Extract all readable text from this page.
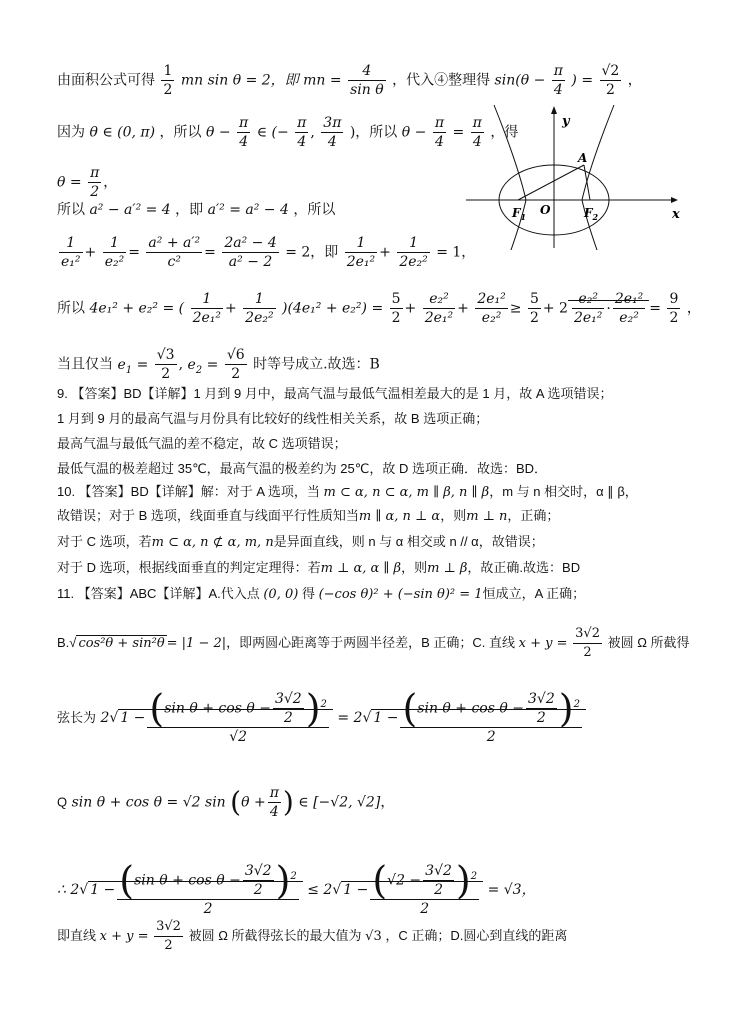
由面积公式可得 $\frac{1}{2}$ mn sin θ = 2，即 mn = $\frac{4}{\text{sin θ}}$ ，代入④整理得 $\sin(\theta - \frac{\pi}{4}$ ) = $\frac{√2}{2}$ ，
因为 θ ∈ (0, π) ，所以 $\theta - \frac{\pi}{4}$ ∈ (− $\frac{\pi}{4}$ , $\frac{3\pi}{4}$ )，所以 $\theta - \frac{\pi}{4} = \frac{\pi}{4}$ ，得
$\theta = \frac{\pi}{2}$ ，
所以 a² − a′² = 4 ，即 a′² = a² − 4 ，所以
$\frac{1}{\text{e₁²}} + \frac{1}{\text{e₂²}} = \frac{\text{a² + a′²}}{\text{c²}} = \frac{\text{2a² − 4}}{\text{a² − 2}} = 2$，即 $\frac{1}{\text{2e₁²}} + \frac{1}{\text{2e₂²}} = 1$，
所以 4e₁² + e₂² = ( $\frac{1}{\text{2e₁²}} + \frac{1}{\text{2e₂²}} )(4e_1^2 + e_2^2) = \frac{5}{2} + \frac{\text{e₂²}}{\text{2e₁²}} + \frac{\text{2e₁²}}{\text{e₂²}} \ge \frac{5}{2} + 2 \frac{\text{e₂²}}{\text{2e₁²}} \cdot \frac{\text{2e₁²}}{\text{e₂²}} = \frac{9}{2}$ ，
当且仅当 $e_1 = \frac{√3}{2}$ , $e_2 = \frac{√6}{2}$ 时等号成立.故选：B
y
x
O
A
$F_1$	$F_2$
9. 【答案】BD【详解】1 月到 9 月中，最高气温与最低气温相差最大的是 1 月，故 A 选项错误；
1 月到 9 月的最高气温与月份具有比较好的线性相关关系，故 B 选项正确；
最高气温与最低气温的差不稳定，故 C 选项错误；
最低气温的极差超过 35℃，最高气温的极差约为 25℃，故 D 选项正确．故选：BD．
10. 【答案】BD【详解】解：对于 A 选项，当 m ⊂ α, n ⊂ α, m ∥ β, n ∥ β，m 与 n 相交时，α ∥ β，
故错误；对于 B 选项，线面垂直与线面平行性质知当m ∥ α, n ⊥ α，则m ⊥ n，正确；
对于 C 选项，若m ⊂ α, n ⊄ α, m, n是异面直线，则 n 与 α 相交或 n // α，故错误；
对于 D 选项，根据线面垂直的判定定理得：若m ⊥ α, α ∥ β，则m ⊥ β，故正确.故选：BD
11. 【答案】ABC【详解】A.代入点 (0, 0) 得 (−cos θ)² + (−sin θ)² = 1恒成立，A 正确；
B.√ cos²θ + sin²θ = |1 − 2|，即两圆心距离等于两圆半径差，B 正确；C. 直线 $x + y = \frac{3√2}{2}$ 被圆 Ω 所截得
弦长为 2√ $1 - \frac{(\sin \theta + \cos \theta - \frac{3√2}{2} )^2}{√2} = 2√$ $1 - \frac{(\sin \theta + \cos \theta - \frac{3√2}{2} )^2}{2}$
Q sin θ + cos θ = √2 $\sin (\theta + \frac{\pi}{4}$ ) ∈ [−√2, √2]，
∴ 2√ $1 - \frac{(\sin \theta + \cos \theta - \frac{3√2}{2} )^2}{2} \le 2√$ $1 - \frac{(√2 - \frac{3√2}{2} )^2}{2} = √3$，
即直线 $x + y = \frac{3√2}{2}$ 被圆 Ω 所截得弦长的最大值为 √3 ，C 正确；D.圆心到直线的距离
